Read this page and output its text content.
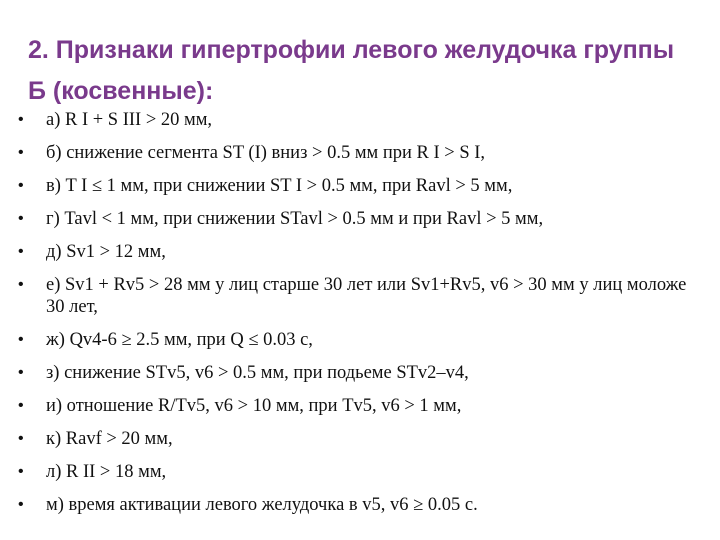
2. Признаки гипертрофии левого желудочка группы Б (косвенные):
• а) R I + S III > 20 мм,
• б) снижение сегмента ST (I) вниз > 0.5 мм при R I > S I,
• в) T I ≤ 1 мм, при снижении ST I > 0.5 мм, при Ravl > 5 мм,
• г) Tavl < 1 мм, при снижении STavl > 0.5 мм и при Ravl > 5 мм,
• д) Sv1 > 12 мм,
• е) Sv1 + Rv5 > 28 мм у лиц старше 30 лет или Sv1+Rv5, v6 > 30 мм у лиц моложе 30 лет,
• ж) Qv4-6 ≥ 2.5 мм, при Q ≤ 0.03 с,
• з) снижение STv5, v6 > 0.5 мм, при подьеме STv2–v4,
• и) отношение R/Tv5, v6 > 10 мм, при Tv5, v6 > 1 мм,
• к) Ravf > 20 мм,
• л) R II > 18 мм,
• м) время активации левого желудочка в v5, v6 ≥ 0.05 с.
